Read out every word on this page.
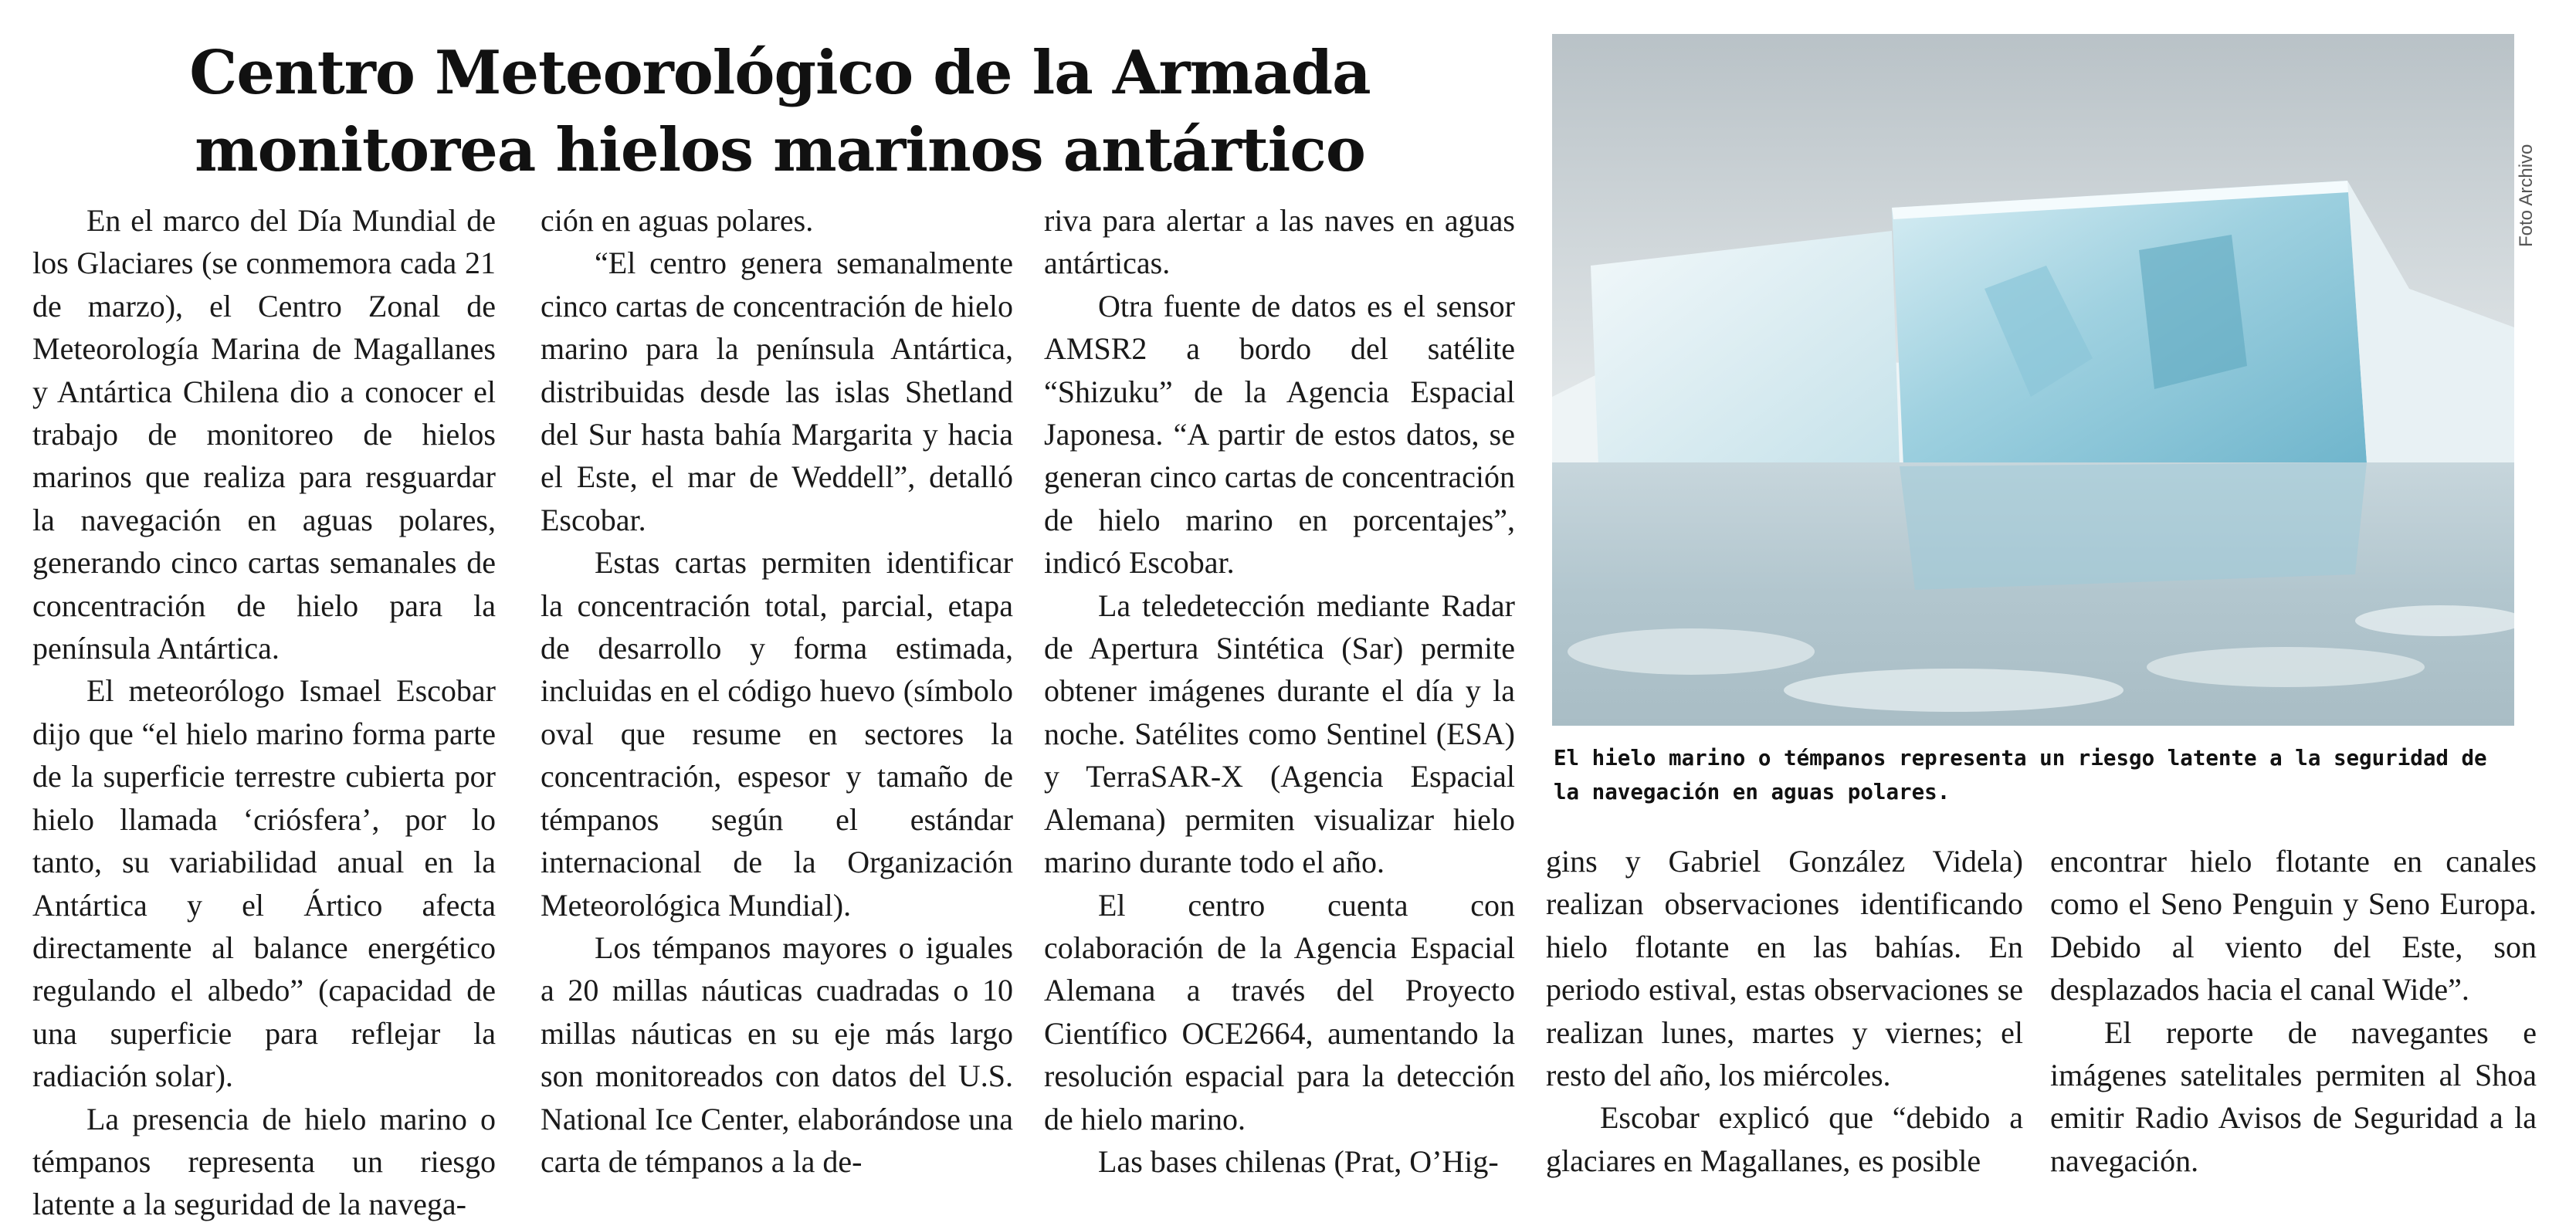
Centro Meteorológico de la Armada
monitorea hielos marinos antártico

En el marco del Día Mundial de los Glaciares (se conmemora cada 21 de marzo), el Centro Zonal de Meteorología Marina de Magallanes y Antártica Chilena dio a conocer el trabajo de monitoreo de hielos marinos que realiza para resguardar la navegación en aguas polares, generando cinco cartas semanales de concentración de hielo para la península Antártica.

El meteorólogo Ismael Escobar dijo que “el hielo marino forma parte de la superficie terrestre cubierta por hielo llamada ‘criósfera’, por lo tanto, su variabilidad anual en la Antártica y el Ártico afecta directamente al balance energético regulando el albedo” (capacidad de una superficie para reflejar la radiación solar).

La presencia de hielo marino o témpanos representa un riesgo latente a la seguridad de la navega-

ción en aguas polares.

“El centro genera semanalmente cinco cartas de concentración de hielo marino para la península Antártica, distribuidas desde las islas Shetland del Sur hasta bahía Margarita y hacia el Este, el mar de Weddell”, detalló Escobar.

Estas cartas permiten identificar la concentración total, parcial, etapa de desarrollo y forma estimada, incluidas en el código huevo (símbolo oval que resume en sectores la concentración, espesor y tamaño de témpanos según el estándar internacional de la Organización Meteorológica Mundial).

Los témpanos mayores o iguales a 20 millas náuticas cuadradas o 10 millas náuticas en su eje más largo son monitoreados con datos del U.S. National Ice Center, elaborándose una carta de témpanos a la de-

riva para alertar a las naves en aguas antárticas.

Otra fuente de datos es el sensor AMSR2 a bordo del satélite “Shizuku” de la Agencia Espacial Japonesa. “A partir de estos datos, se generan cinco cartas de concentración de hielo marino en porcentajes”, indicó Escobar.

La teledetección mediante Radar de Apertura Sintética (Sar) permite obtener imágenes durante el día y la noche. Satélites como Sentinel (ESA) y TerraSAR-X (Agencia Espacial Alemana) permiten visualizar hielo marino durante todo el año.

El centro cuenta con colaboración de la Agencia Espacial Alemana a través del Proyecto Científico OCE2664, aumentando la resolución espacial para la detección de hielo marino.

Las bases chilenas (Prat, O’Hig-

Foto Archivo

El hielo marino o témpanos representa un riesgo latente a la seguridad de
la navegación en aguas polares.

gins y Gabriel González Videla) realizan observaciones identificando hielo flotante en las bahías. En periodo estival, estas observaciones se realizan lunes, martes y viernes; el resto del año, los miércoles.

Escobar explicó que “debido a glaciares en Magallanes, es posible

encontrar hielo flotante en canales como el Seno Penguin y Seno Europa. Debido al viento del Este, son desplazados hacia el canal Wide”.

El reporte de navegantes e imágenes satelitales permiten al Shoa emitir Radio Avisos de Seguridad a la navegación.
